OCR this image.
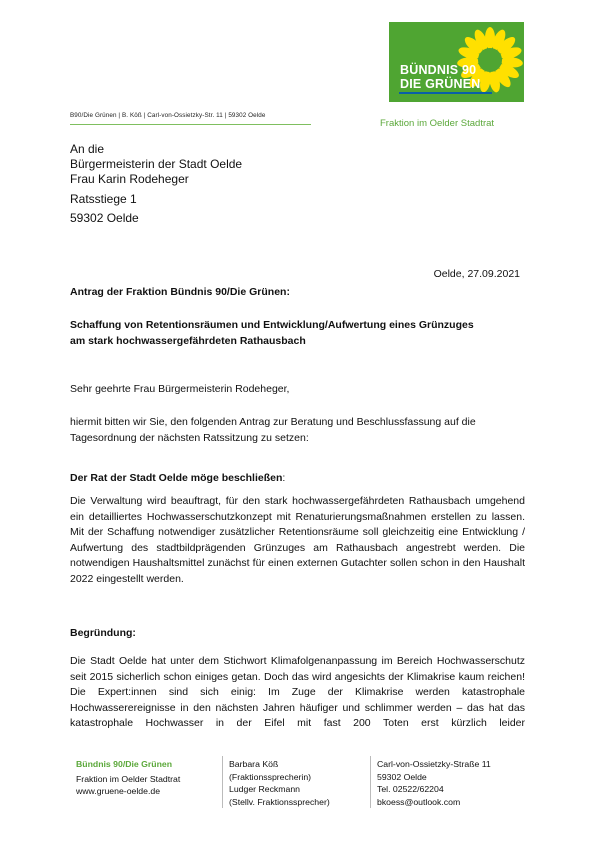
BÜNDNIS 90
DIE GRÜNEN
Fraktion im Oelder Stadtrat
B90/Die Grünen | B. Köß | Carl-von-Ossietzky-Str. 11 | 59302 Oelde
An die
Bürgermeisterin der Stadt Oelde
Frau Karin Rodeheger
Ratsstiege 1
59302 Oelde
Oelde, 27.09.2021
Antrag der Fraktion Bündnis 90/Die Grünen:
Schaffung von Retentionsräumen und Entwicklung/Aufwertung eines Grünzuges
am stark hochwassergefährdeten Rathausbach
Sehr geehrte Frau Bürgermeisterin Rodeheger,
hiermit bitten wir Sie, den folgenden Antrag zur Beratung und Beschlussfassung auf die Tagesordnung der nächsten Ratssitzung zu setzen:
Der Rat der Stadt Oelde möge beschließen:
Die Verwaltung wird beauftragt, für den stark hochwassergefährdeten Rathausbach umgehend ein detailliertes Hochwasserschutzkonzept mit Renaturierungsmaßnahmen erstellen zu lassen. Mit der Schaffung notwendiger zusätzlicher Retentionsräume soll gleichzeitig eine Entwicklung / Aufwertung des stadtbildprägenden Grünzuges am Rathausbach angestrebt werden. Die notwendigen Haushaltsmittel zunächst für einen externen Gutachter sollen schon in den Haushalt 2022 eingestellt werden.
Begründung:
Die Stadt Oelde hat unter dem Stichwort Klimafolgenanpassung im Bereich Hochwasserschutz seit 2015 sicherlich schon einiges getan. Doch das wird angesichts der Klimakrise kaum reichen! Die Expert:innen sind sich einig: Im Zuge der Klimakrise werden katastrophale Hochwasserereignisse in den nächsten Jahren häufiger und schlimmer werden – das hat das katastrophale Hochwasser in der Eifel mit fast 200 Toten erst kürzlich leider
Bündnis 90/Die Grünen
Fraktion im Oelder Stadtrat
www.gruene-oelde.de
Barbara Köß
(Fraktionssprecherin)
Ludger Reckmann
(Stellv. Fraktionssprecher)
Carl-von-Ossietzky-Straße 11
59302 Oelde
Tel. 02522/62204
bkoess@outlook.com
